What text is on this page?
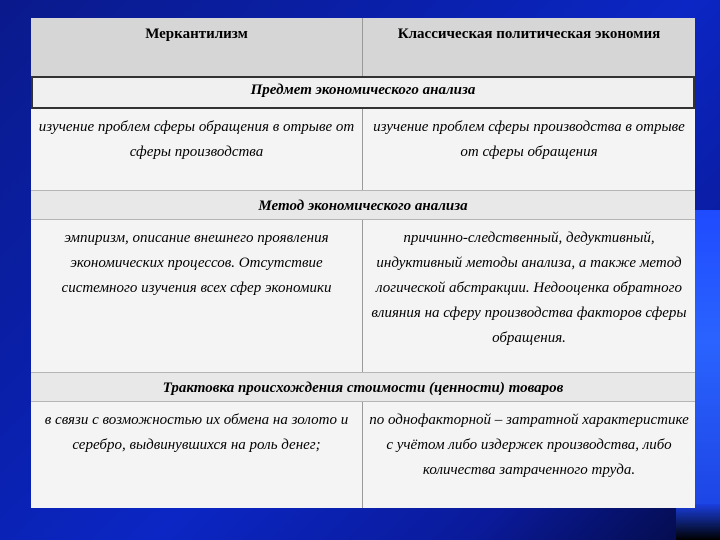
Меркантилизм	Классическая политическая экономия
Предмет экономического анализа
изучение проблем сферы обращения в отрыве от сферы производства
изучение проблем сферы производства в отрыве от сферы обращения
Метод экономического анализа
эмпиризм, описание внешнего проявления экономических процессов. Отсутствие системного изучения всех сфер экономики
причинно-следственный, дедуктивный, индуктивный методы анализа, а также метод логической абстракции. Недооценка обратного влияния на сферу производства факторов сферы обращения.
Трактовка происхождения стоимости (ценности) товаров
в связи с возможностью их обмена на золото и серебро, выдвинувшихся на роль денег;
по однофакторной – затратной характеристике с учётом либо издержек производства, либо количества затраченного труда.
